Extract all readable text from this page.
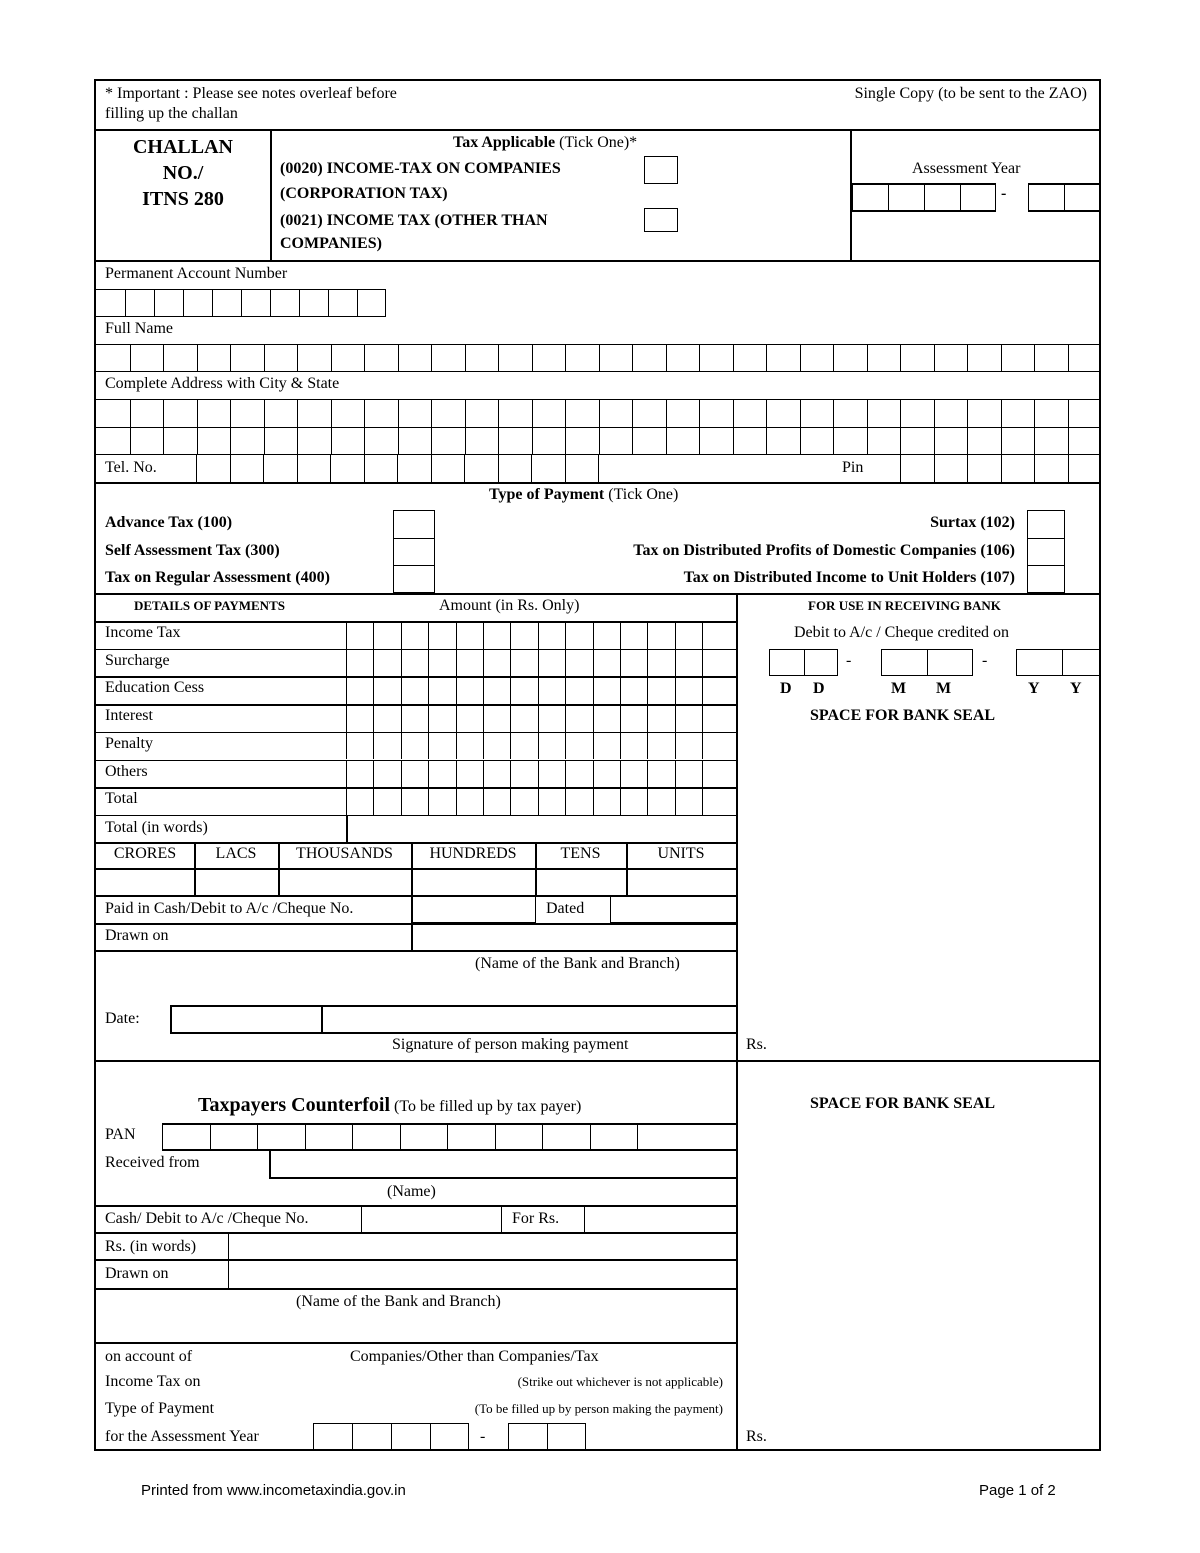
* Important : Please see notes overleaf before
filling up the challan
Single Copy (to be sent to the ZAO)
CHALLAN
NO./
ITNS 280
Tax Applicable (Tick One)*
(0020) INCOME-TAX ON COMPANIES
(CORPORATION TAX)
(0021) INCOME TAX (OTHER THAN
COMPANIES)
Assessment Year
-
Permanent Account Number
Full Name
Complete Address with City & State
Tel. No.	Pin
Type of Payment (Tick One)
Advance Tax (100)
Self Assessment Tax (300)
Tax on Regular Assessment (400)
Surtax (102)
Tax on Distributed Profits of Domestic Companies (106)
Tax on Distributed Income to Unit Holders (107)
DETAILS OF PAYMENTS	Amount (in Rs. Only)	FOR USE IN RECEIVING BANK
Income Tax
Surcharge
Education Cess
Interest
Penalty
Others
Total
Total (in words)
CRORES	LACS	THOUSANDS	HUNDREDS	TENS	UNITS
Paid in Cash/Debit to A/c /Cheque No.	Dated
Drawn on
(Name of the Bank and Branch)
Date:
Signature of person making payment
Debit to A/c / Cheque credited on
-	-
D D	M M	Y Y
SPACE FOR BANK SEAL
Rs.
Taxpayers Counterfoil (To be filled up by tax payer)	SPACE FOR BANK SEAL
PAN
Received from
(Name)
Cash/ Debit to A/c /Cheque No.	For Rs.
Rs. (in words)
Drawn on
(Name of the Bank and Branch)
on account of	Companies/Other than Companies/Tax
Income Tax on	(Strike out whichever is not applicable)
Type of Payment	(To be filled up by person making the payment)
for the Assessment Year	-	Rs.
Printed from www.incometaxindia.gov.in	Page 1 of 2
